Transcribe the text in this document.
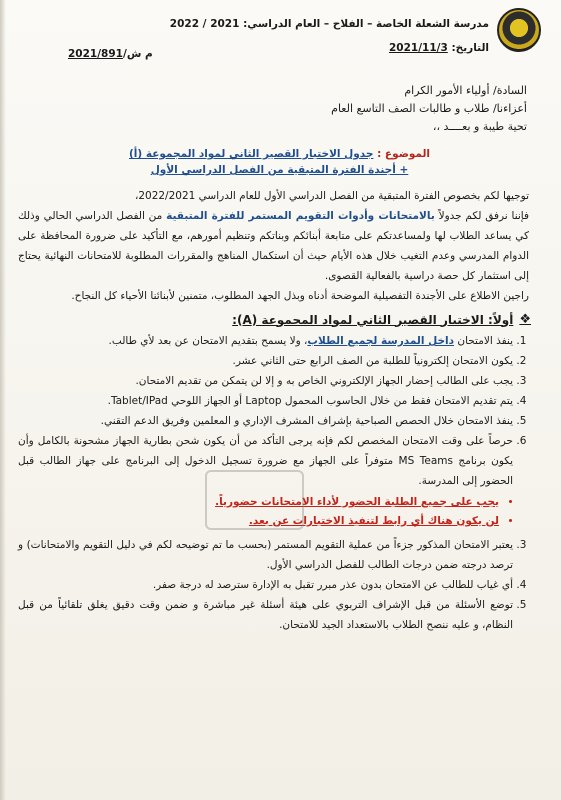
مدرسة الشعلة الخاصة – الفلاح – العام الدراسي: 2021 / 2022
التاريخ: 2021/11/3
م ش/2021/891
السادة/ أولياء الأمور الكرام
أعزاءنا/ طلاب و طالبات الصف التاسع العام
تحية طيبة و بعــــد ،،
الموضوع : جدول الاختبار القصير الثاني لمواد المجموعة (أ)
+ أجندة الفترة المتبقية من الفصل الدراسي الأول
توجيها لكم بخصوص الفترة المتبقية من الفصل الدراسي الأول للعام الدراسي 2022/2021،
فإننا نرفق لكم جدولاً بالامتحانات وأدوات التقويم المستمر للفترة المتبقية من الفصل الدراسي الحالي وذلك كي يساعد الطلاب لها ولمساعدتكم على متابعة أبنائكم وبناتكم وتنظيم أمورهم، مع التأكيد على ضرورة المحافظة على الدوام المدرسي وعدم التغيب خلال هذه الأيام حيث أن استكمال المناهج والمقررات المطلوبة للامتحانات النهائية يحتاج إلى استثمار كل حصة دراسية بالفعالية القصوى.
راجين الاطلاع على الأجندة التفصيلية الموضحة أدناه وبذل الجهد المطلوب، متمنين لأبنائنا الأحياء كل النجاح.
❖
أولاً: الاختبار القصير الثاني لمواد المجموعة (A):
1. ينفذ الامتحان داخل المدرسة لجميع الطلاب، ولا يسمح بتقديم الامتحان عن بعد لأي طالب.
2. يكون الامتحان إلكترونياً للطلبة من الصف الرابع حتى الثاني عشر.
3. يجب على الطالب إحضار الجهاز الإلكتروني الخاص به و إلا لن يتمكن من تقديم الامتحان.
4. يتم تقديم الامتحان فقط من خلال الحاسوب المحمول Laptop أو الجهاز اللوحي Tablet/IPad.
5. ينفذ الامتحان خلال الحصص الصباحية بإشراف المشرف الإداري و المعلمين وفريق الدعم التقني.
6. حرصاً على وقت الامتحان المخصص لكم فإنه يرجى التأكد من أن يكون شحن بطارية الجهاز مشحونة بالكامل وأن يكون برنامج MS Teams متوفراً على الجهاز مع ضرورة تسجيل الدخول إلى البرنامج على جهاز الطالب قبل الحضور إلى المدرسة.
• يجب على جميع الطلبة الحضور لأداء الامتحانات حضورياً.
• لن يكون هناك أي رابط لتنفيذ الاختبارات عن بعد.
3. يعتبر الامتحان المذكور جزءاً من عملية التقويم المستمر (بحسب ما تم توضيحه لكم في دليل التقويم والامتحانات) و ترصد درجته ضمن درجات الطالب للفصل الدراسي الأول.
4. أي غياب للطالب عن الامتحان بدون عذر مبرر تقبل به الإدارة سترصد له درجة صفر.
5. توضع الأسئلة من قبل الإشراف التربوي على هيئة أسئلة غير مباشرة و ضمن وقت دقيق يغلق تلقائياً من قبل النظام، و عليه ننصح الطلاب بالاستعداد الجيد للامتحان.
